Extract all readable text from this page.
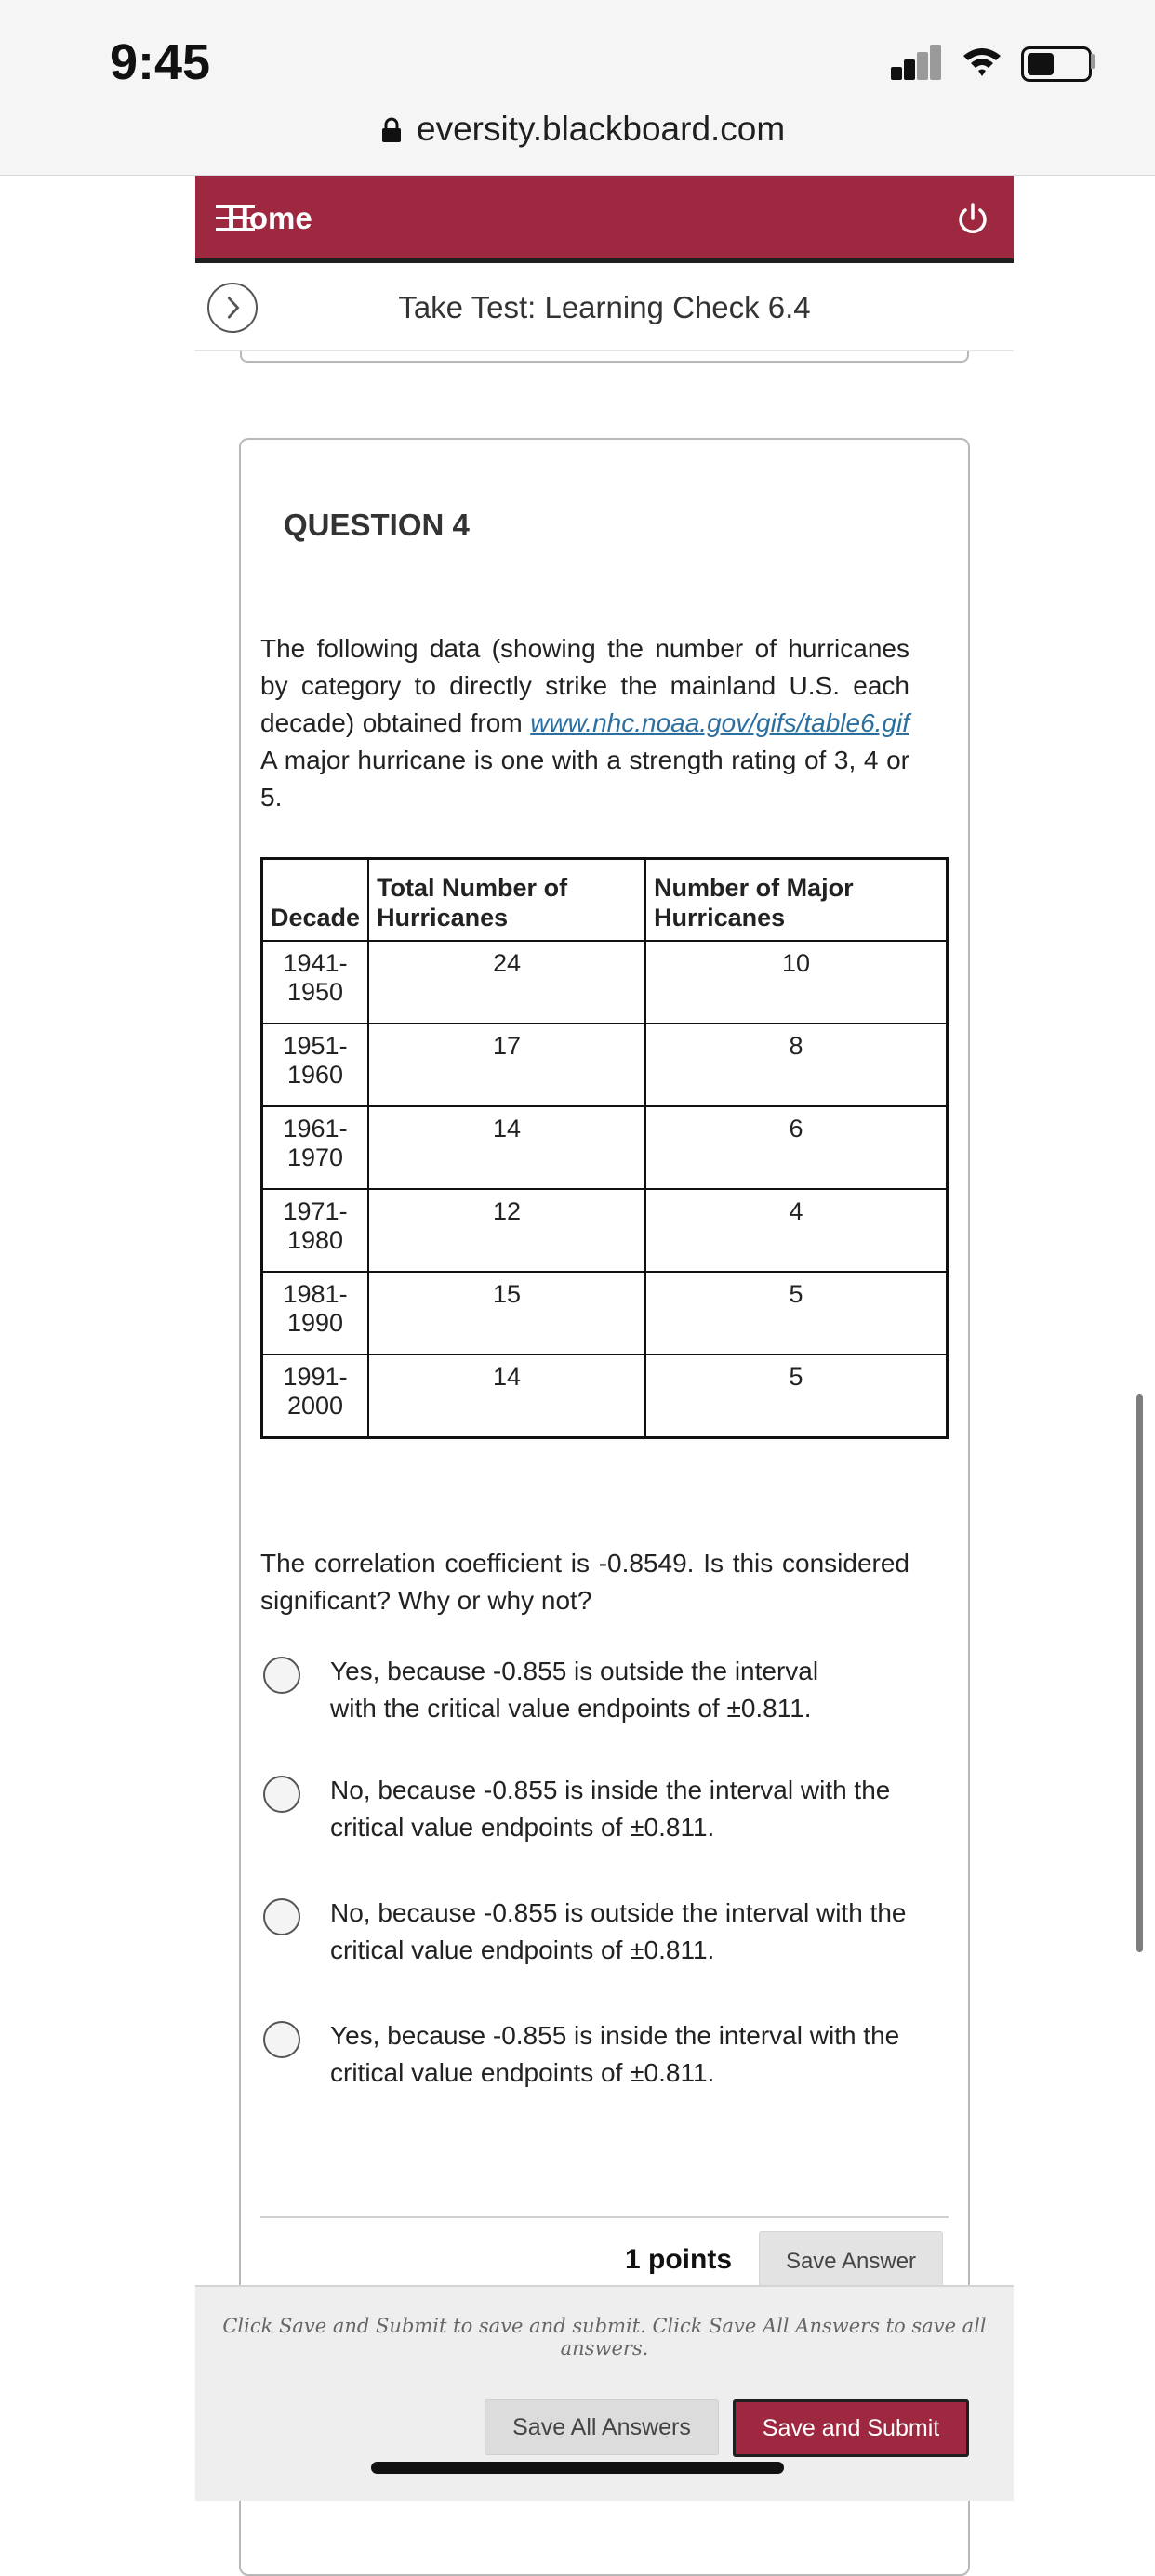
9:45
eversity.blackboard.com
Home
Take Test: Learning Check 6.4
QUESTION 4
The following data (showing the number of hurricanes by category to directly strike the mainland U.S. each decade) obtained from www.nhc.noaa.gov/gifs/table6.gif A major hurricane is one with a strength rating of 3, 4 or 5.
Decade	Total Number of Hurricanes	Number of Major Hurricanes
1941-1950	24	10
1951-1960	17	8
1961-1970	14	6
1971-1980	12	4
1981-1990	15	5
1991-2000	14	5
The correlation coefficient is -0.8549. Is this considered significant? Why or why not?
Yes, because -0.855 is outside the interval with the critical value endpoints of ±0.811.
No, because -0.855 is inside the interval with the critical value endpoints of ±0.811.
No, because -0.855 is outside the interval with the critical value endpoints of ±0.811.
Yes, because -0.855 is inside the interval with the critical value endpoints of ±0.811.
1 points	Save Answer
Click Save and Submit to save and submit. Click Save All Answers to save all answers.
Save All Answers	Save and Submit
